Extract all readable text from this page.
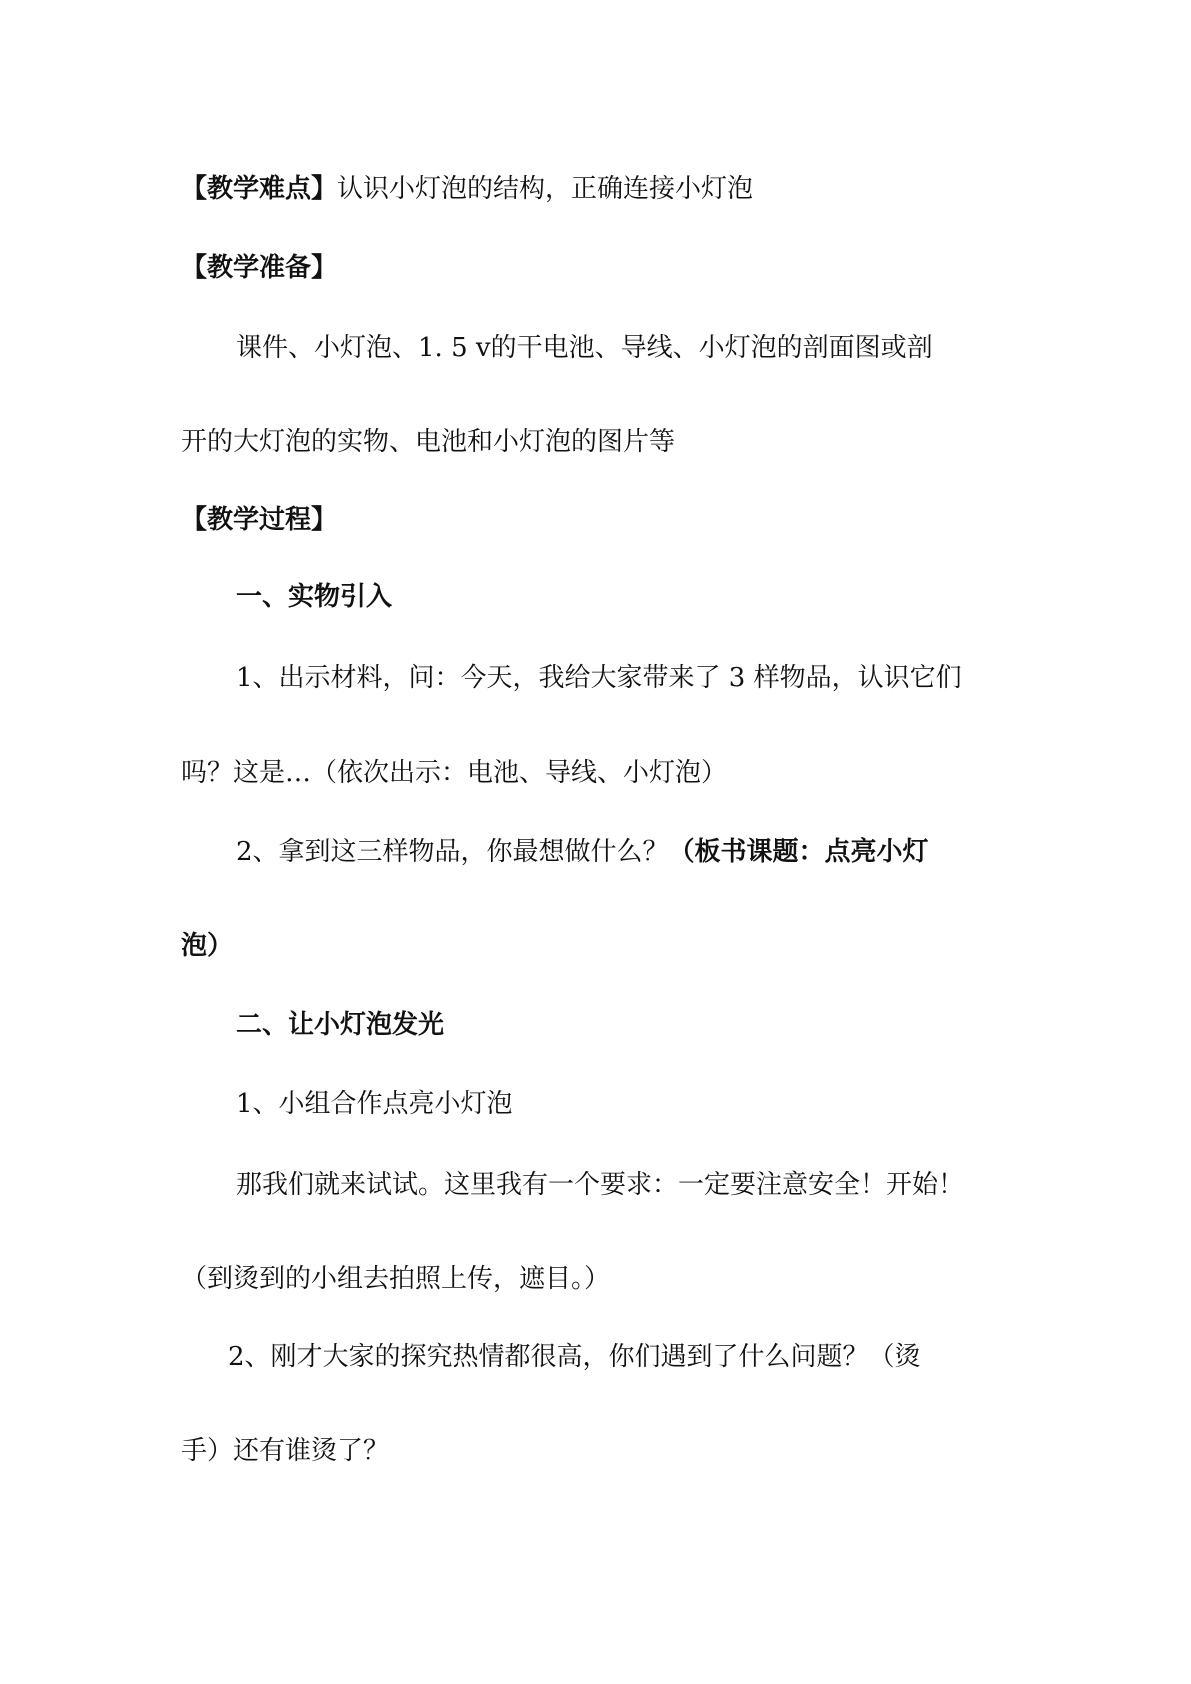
【教学难点】认识小灯泡的结构，正确连接小灯泡
【教学准备】
课件、小灯泡、1. 5 v的干电池、导线、小灯泡的剖面图或剖
开的大灯泡的实物、电池和小灯泡的图片等
【教学过程】
一、实物引入
1、出示材料，问：今天，我给大家带来了 3 样物品，认识它们
吗？这是…（依次出示：电池、导线、小灯泡）
2、拿到这三样物品，你最想做什么？（板书课题：点亮小灯
泡）
二、让小灯泡发光
1、小组合作点亮小灯泡
那我们就来试试。这里我有一个要求：一定要注意安全！开始！
（到烫到的小组去拍照上传，遮目。）
2、刚才大家的探究热情都很高，你们遇到了什么问题？（烫
手）还有谁烫了？
